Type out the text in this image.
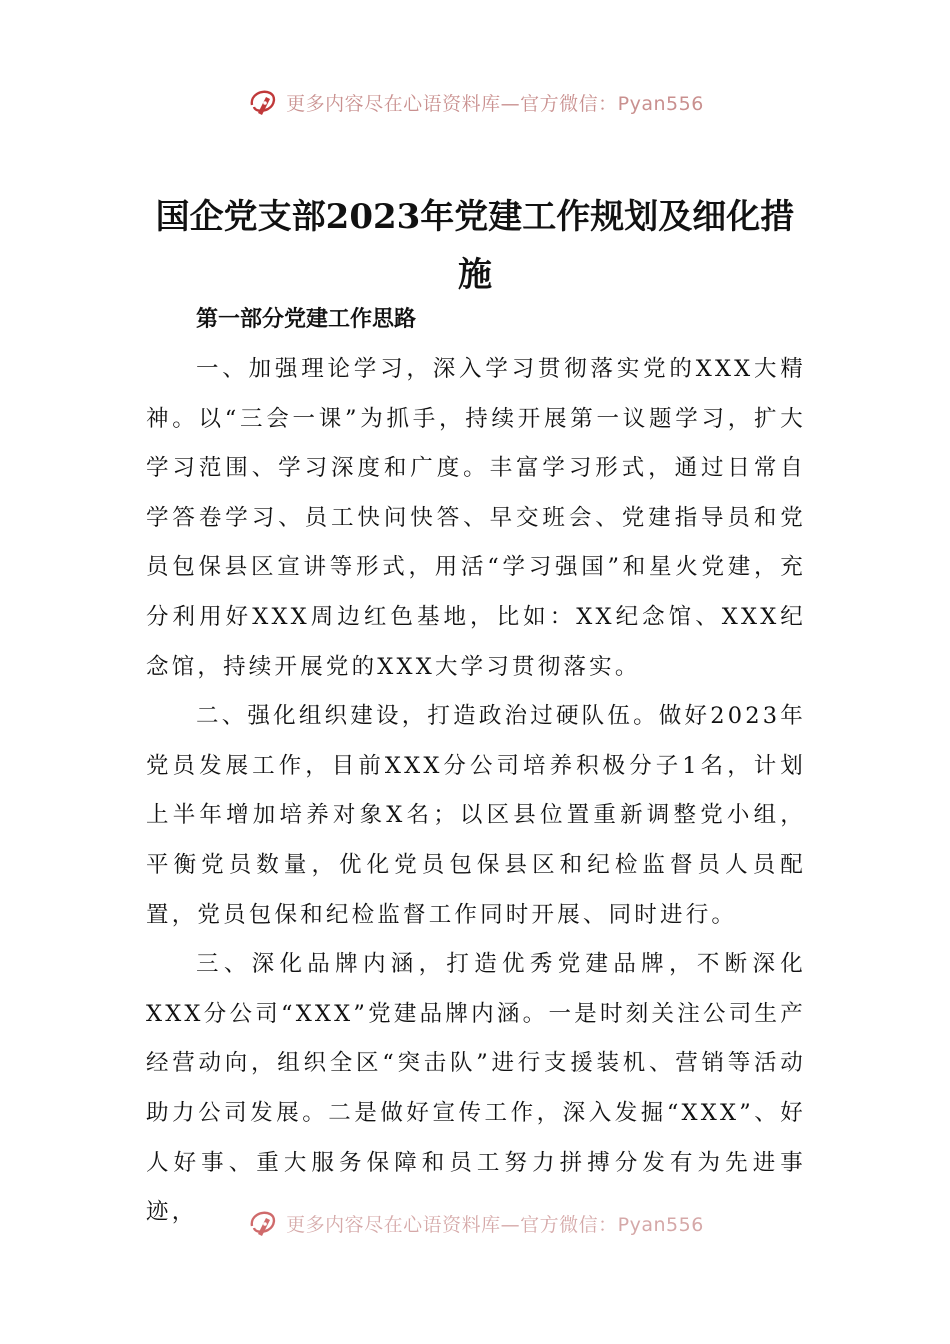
更多内容尽在心语资料库—官方微信：Pyan556
国企党支部2023年党建工作规划及细化措施
第一部分党建工作思路

一、加强理论学习，深入学习贯彻落实党的XXX大精神。以“三会一课”为抓手，持续开展第一议题学习，扩大学习范围、学习深度和广度。丰富学习形式，通过日常自学答卷学习、员工快问快答、早交班会、党建指导员和党员包保县区宣讲等形式，用活“学习强国”和星火党建，充分利用好XXX周边红色基地，比如：XX纪念馆、XXX纪念馆，持续开展党的XXX大学习贯彻落实。

二、强化组织建设，打造政治过硬队伍。做好2023年党员发展工作，目前XXX分公司培养积极分子1名，计划上半年增加培养对象X名；以区县位置重新调整党小组，平衡党员数量，优化党员包保县区和纪检监督员人员配置，党员包保和纪检监督工作同时开展、同时进行。

三、深化品牌内涵，打造优秀党建品牌，不断深化XXX分公司“XXX”党建品牌内涵。一是时刻关注公司生产经营动向，组织全区“突击队”进行支援装机、营销等活动助力公司发展。二是做好宣传工作，深入发掘“XXX”、好人好事、重大服务保障和员工努力拼搏分发有为先进事迹，	更多内容尽在心语资料库—官方微信：Pyan556
